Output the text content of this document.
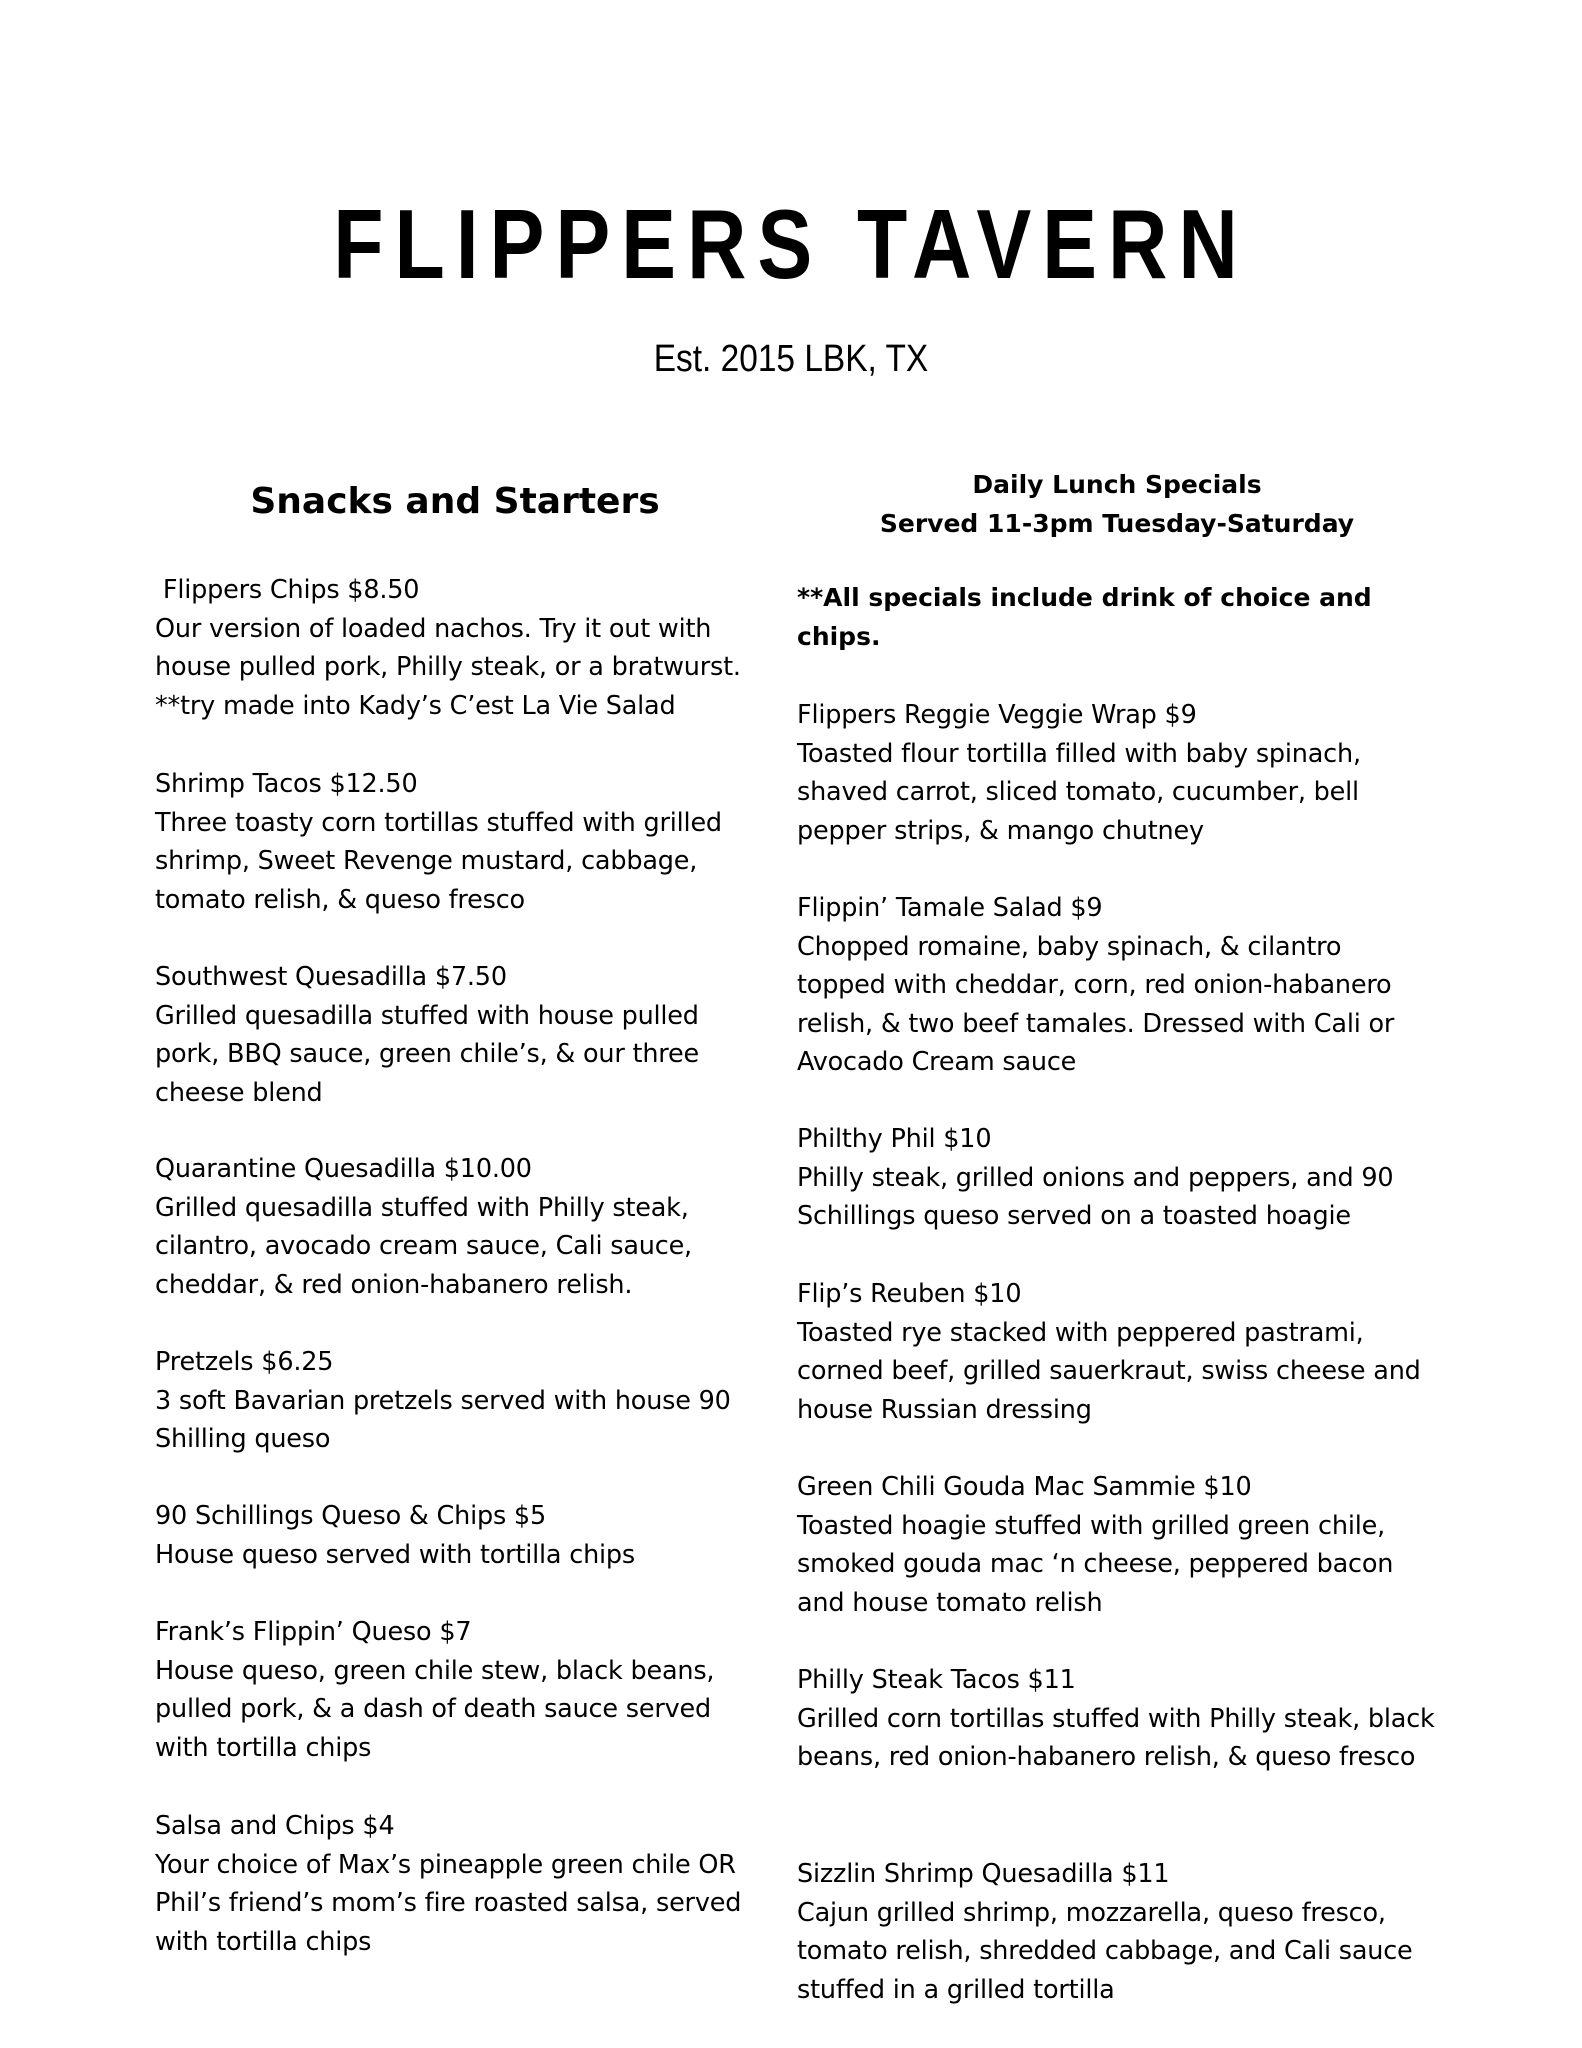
FLIPPERS TAVERN
Est. 2015 LBK, TX
Snacks and Starters
Flippers Chips $8.50
Our version of loaded nachos. Try it out with house pulled pork, Philly steak, or a bratwurst. **try made into Kady’s C’est La Vie Salad
Shrimp Tacos $12.50
Three toasty corn tortillas stuffed with grilled shrimp, Sweet Revenge mustard, cabbage, tomato relish, & queso fresco
Southwest Quesadilla $7.50
Grilled quesadilla stuffed with house pulled pork, BBQ sauce, green chile’s, & our three cheese blend
Quarantine Quesadilla $10.00
Grilled quesadilla stuffed with Philly steak, cilantro, avocado cream sauce, Cali sauce, cheddar, & red onion-habanero relish.
Pretzels $6.25
3 soft Bavarian pretzels served with house 90 Shilling queso
90 Schillings Queso & Chips $5
House queso served with tortilla chips
Frank’s Flippin’ Queso $7
House queso, green chile stew, black beans, pulled pork, & a dash of death sauce served with tortilla chips
Salsa and Chips $4
Your choice of Max’s pineapple green chile OR Phil’s friend’s mom’s fire roasted salsa, served with tortilla chips
Daily Lunch Specials
Served 11-3pm Tuesday-Saturday
**All specials include drink of choice and chips.
Flippers Reggie Veggie Wrap $9
Toasted flour tortilla filled with baby spinach, shaved carrot, sliced tomato, cucumber, bell pepper strips, & mango chutney
Flippin’ Tamale Salad $9
Chopped romaine, baby spinach, & cilantro topped with cheddar, corn, red onion-habanero relish, & two beef tamales. Dressed with Cali or Avocado Cream sauce
Philthy Phil $10
Philly steak, grilled onions and peppers, and 90 Schillings queso served on a toasted hoagie
Flip’s Reuben $10
Toasted rye stacked with peppered pastrami, corned beef, grilled sauerkraut, swiss cheese and house Russian dressing
Green Chili Gouda Mac Sammie $10
Toasted hoagie stuffed with grilled green chile, smoked gouda mac ‘n cheese, peppered bacon and house tomato relish
Philly Steak Tacos $11
Grilled corn tortillas stuffed with Philly steak, black beans, red onion-habanero relish, & queso fresco
Sizzlin Shrimp Quesadilla $11
Cajun grilled shrimp, mozzarella, queso fresco, tomato relish, shredded cabbage, and Cali sauce stuffed in a grilled tortilla
